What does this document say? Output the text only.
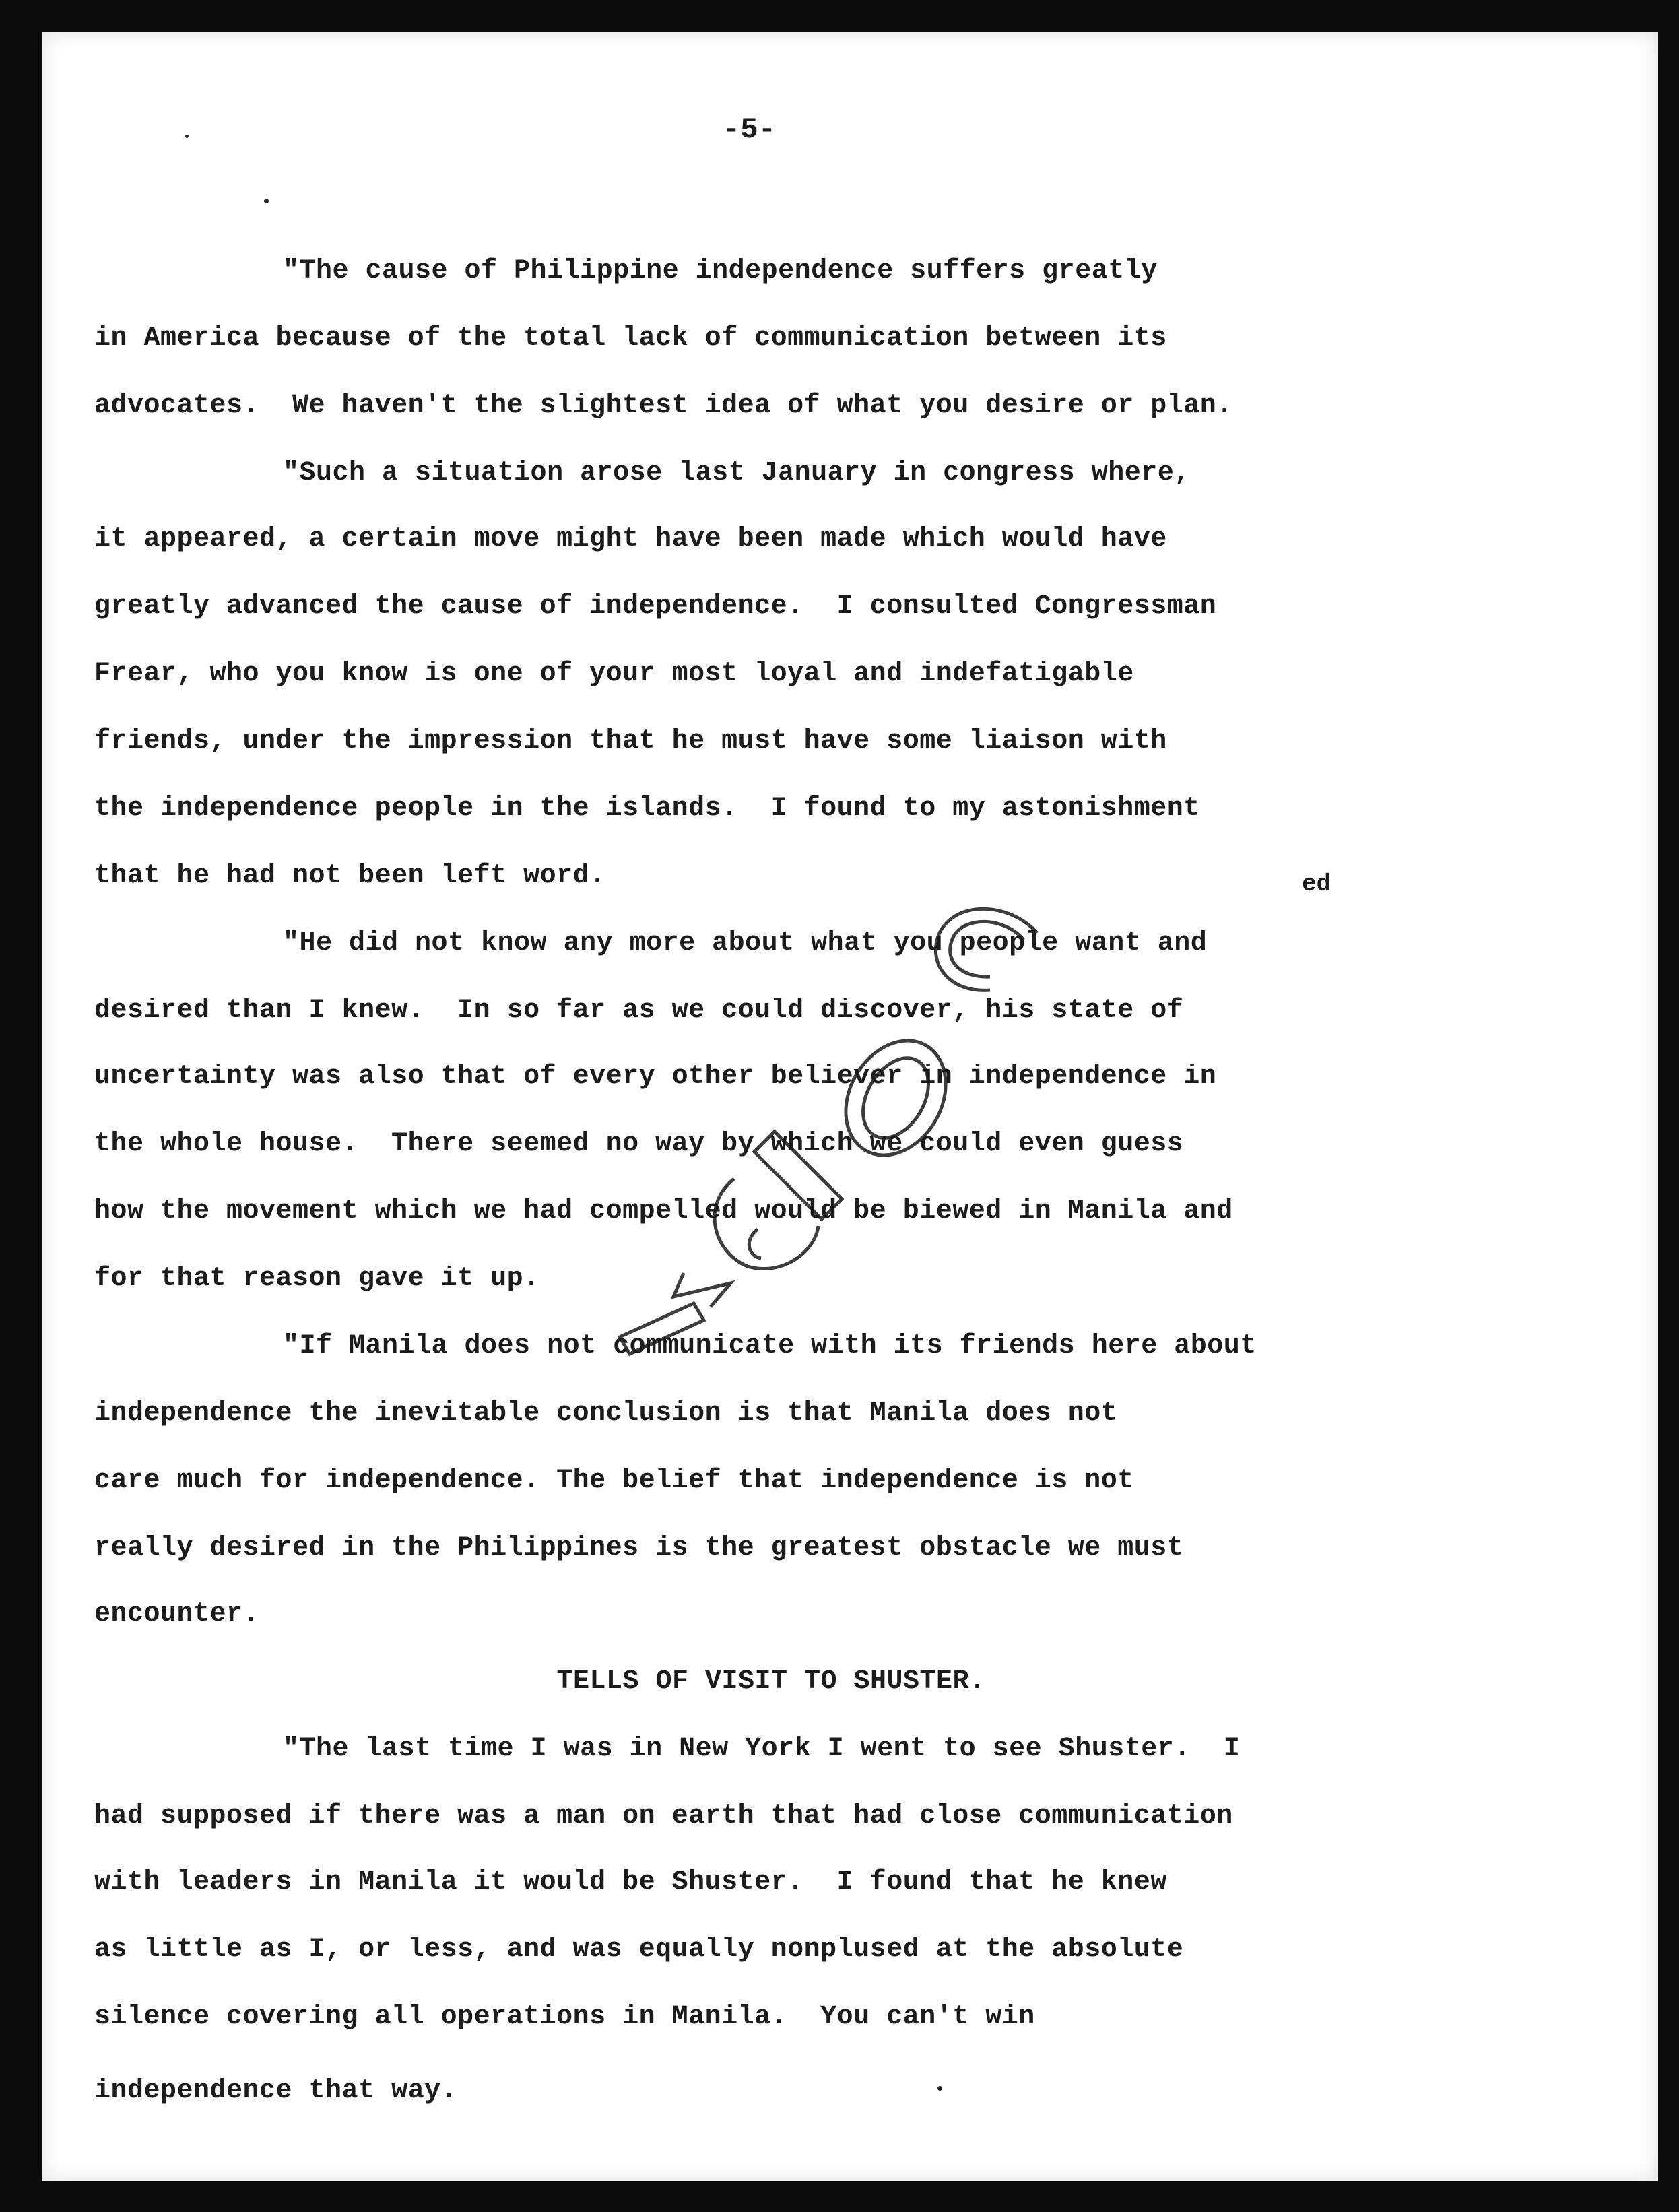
-5-

"The cause of Philippine independence suffers greatly

in America because of the total lack of communication between its

advocates.  We haven't the slightest idea of what you desire or plan.

"Such a situation arose last January in congress where,

it appeared, a certain move might have been made which would have

greatly advanced the cause of independence.  I consulted Congressman

Frear, who you know is one of your most loyal and indefatigable

friends, under the impression that he must have some liaison with

the independence people in the islands.  I found to my astonishment

that he had not been left word.	ed

"He did not know any more about what you people want and

desired than I knew.  In so far as we could discover, his state of

uncertainty was also that of every other believer in independence in

the whole house.  There seemed no way by which we could even guess

how the movement which we had compelled would be biewed in Manila and

for that reason gave it up.

"If Manila does not communicate with its friends here about

independence the inevitable conclusion is that Manila does not

care much for independence. The belief that independence is not

really desired in the Philippines is the greatest obstacle we must

encounter.

TELLS OF VISIT TO SHUSTER.

"The last time I was in New York I went to see Shuster.  I

had supposed if there was a man on earth that had close communication

with leaders in Manila it would be Shuster.  I found that he knew

as little as I, or less, and was equally nonplused at the absolute

silence covering all operations in Manila.  You can't win

independence that way.
